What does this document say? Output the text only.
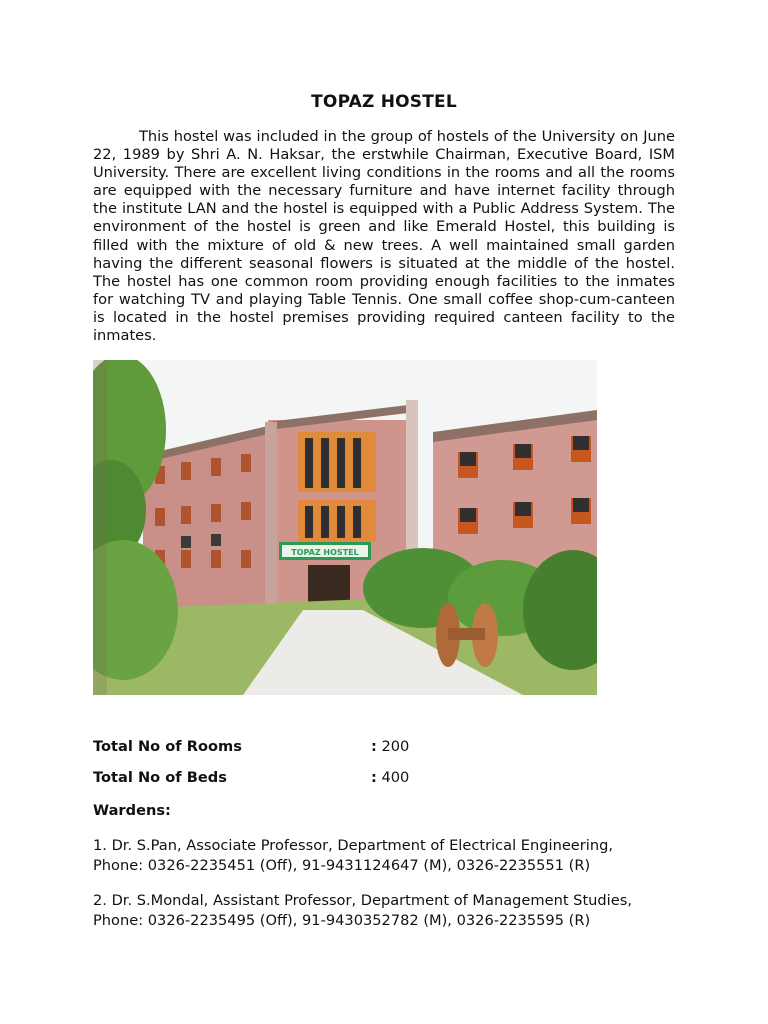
TOPAZ HOSTEL

This hostel was included in the group of hostels of the University on June 22, 1989 by Shri A. N. Haksar, the erstwhile Chairman, Executive Board, ISM University. There are excellent living conditions in the rooms and all the rooms are equipped with the necessary furniture and have internet facility through the institute LAN and the hostel is equipped with a Public Address System. The environment of the hostel is green and like Emerald Hostel, this building is filled with the mixture of old & new trees. A well maintained small garden having the different seasonal flowers is situated at the middle of the hostel. The hostel has one common room providing enough facilities to the inmates for watching TV and playing Table Tennis. One small coffee shop-cum-canteen is located in the hostel premises providing required canteen facility to the inmates.

TOPAZ HOSTEL
Total No of Rooms	: 200
Total No of Beds	: 400
Wardens:
1. Dr. S.Pan, Associate Professor, Department of Electrical Engineering,
Phone: 0326-2235451 (Off), 91-9431124647 (M), 0326-2235551 (R)
2. Dr. S.Mondal, Assistant Professor, Department of Management Studies,
Phone: 0326-2235495 (Off), 91-9430352782 (M), 0326-2235595 (R)
